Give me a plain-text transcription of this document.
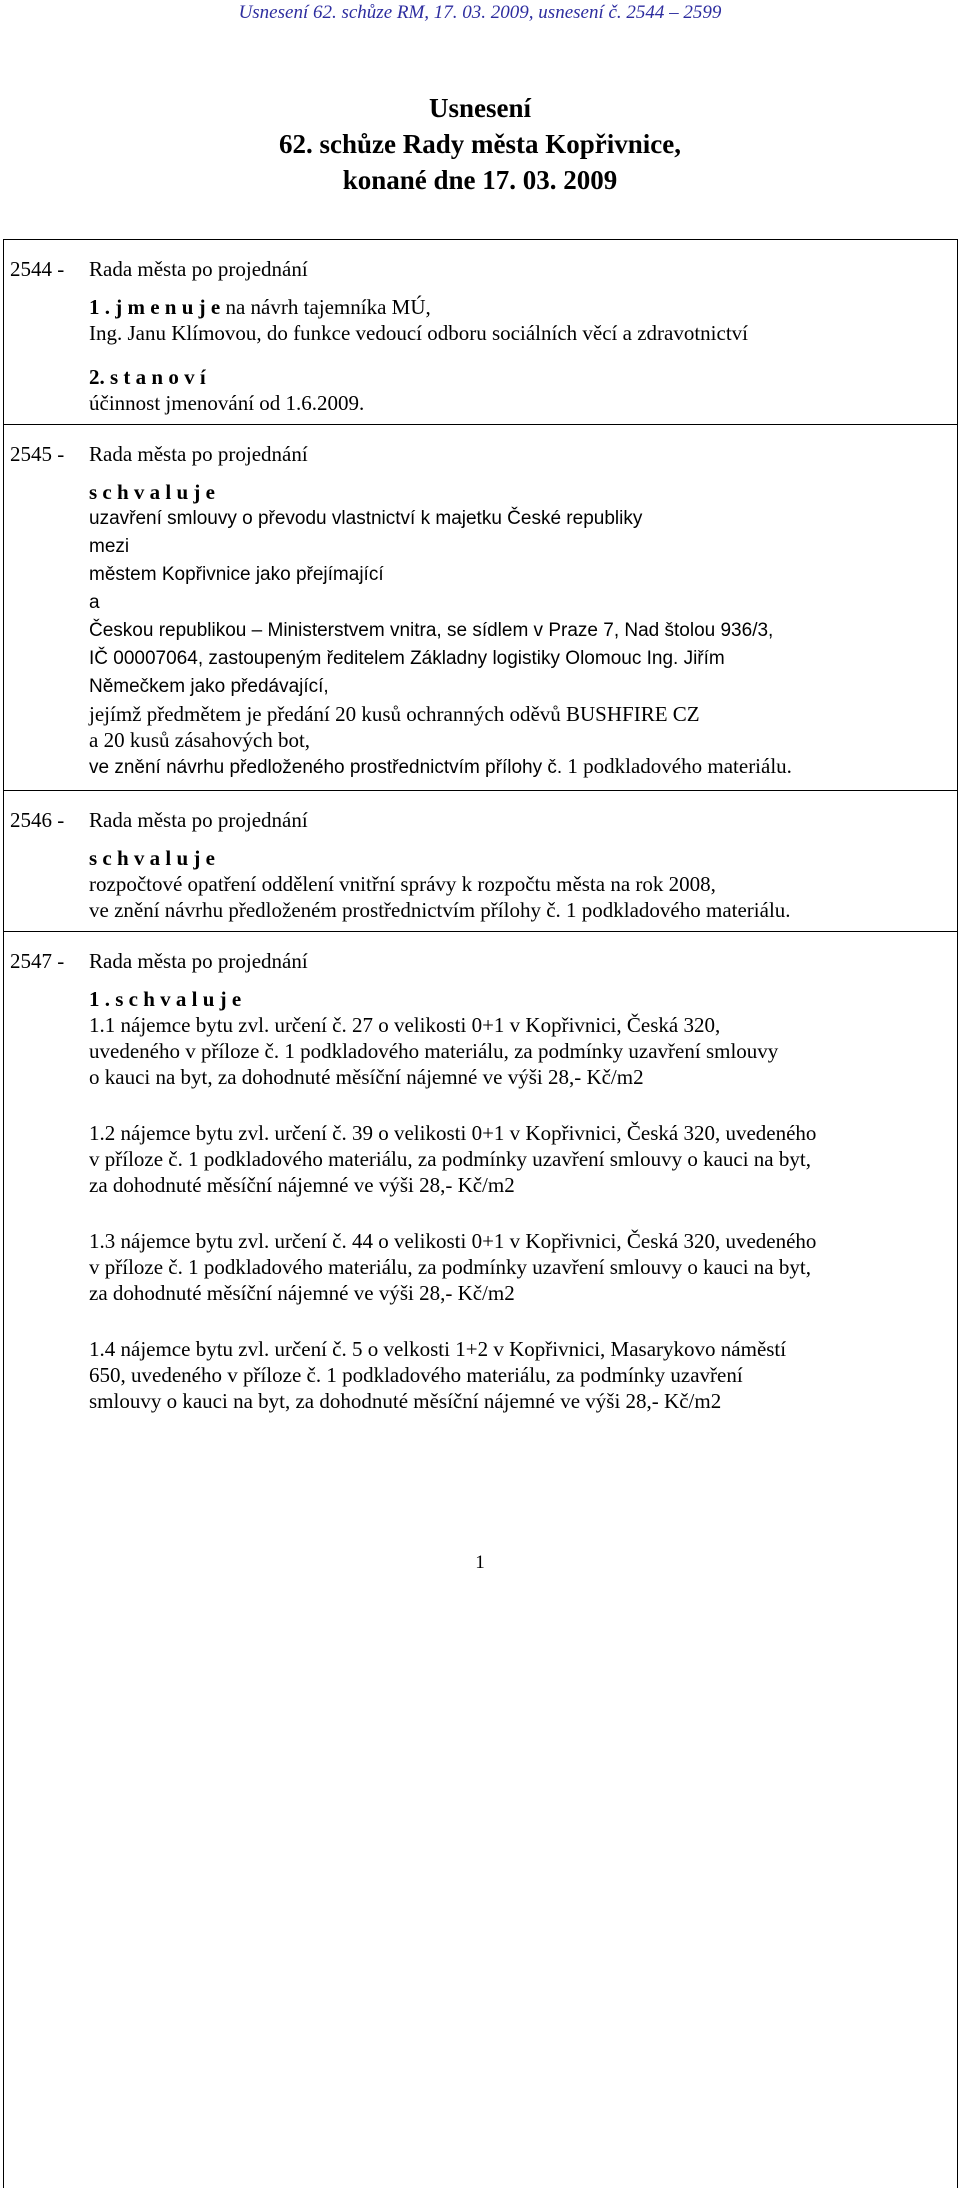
Usnesení 62. schůze RM, 17. 03. 2009, usnesení č. 2544 – 2599
Usnesení
62. schůze Rady města Kopřivnice,
konané dne 17. 03. 2009
2544 -	Rada města po projednání
1 . j m e n u j e na návrh tajemníka MÚ,
Ing. Janu Klímovou, do funkce vedoucí odboru sociálních věcí a zdravotnictví
2. s t a n o v í
účinnost jmenování od 1.6.2009.
2545 -	Rada města po projednání
s c h v a l u j e
uzavření smlouvy o převodu vlastnictví k majetku České republiky
mezi
městem Kopřivnice jako přejímající
a
Českou republikou – Ministerstvem vnitra, se sídlem v Praze 7, Nad štolou 936/3,
IČ 00007064, zastoupeným ředitelem Základny logistiky Olomouc Ing. Jiřím
Němečkem jako předávající,
jejímž předmětem je předání 20 kusů ochranných oděvů BUSHFIRE CZ
a 20 kusů zásahových bot,
ve znění návrhu předloženého prostřednictvím přílohy č. 1 podkladového materiálu.
2546 -	Rada města po projednání
s c h v a l u j e
rozpočtové opatření oddělení vnitřní správy k rozpočtu města na rok 2008,
ve znění návrhu předloženém prostřednictvím přílohy č. 1 podkladového materiálu.
2547 -	Rada města po projednání
1 . s c h v a l u j e
1.1 nájemce bytu zvl. určení č. 27 o velikosti 0+1 v Kopřivnici, Česká 320,
uvedeného v příloze č. 1 podkladového materiálu, za podmínky uzavření smlouvy
o kauci na byt, za dohodnuté měsíční nájemné ve výši 28,- Kč/m2
1.2 nájemce bytu zvl. určení č. 39 o velikosti 0+1 v Kopřivnici, Česká 320, uvedeného
v příloze č. 1 podkladového materiálu, za podmínky uzavření smlouvy o kauci na byt,
za dohodnuté měsíční nájemné ve výši 28,- Kč/m2
1.3 nájemce bytu zvl. určení č. 44 o velikosti 0+1 v Kopřivnici, Česká 320, uvedeného
v příloze č. 1 podkladového materiálu, za podmínky uzavření smlouvy o kauci na byt,
za dohodnuté měsíční nájemné ve výši 28,- Kč/m2
1.4 nájemce bytu zvl. určení č. 5 o velkosti 1+2 v Kopřivnici, Masarykovo náměstí
650, uvedeného v příloze č. 1 podkladového materiálu, za podmínky uzavření
smlouvy o kauci na byt, za dohodnuté měsíční nájemné ve výši 28,- Kč/m2
1
